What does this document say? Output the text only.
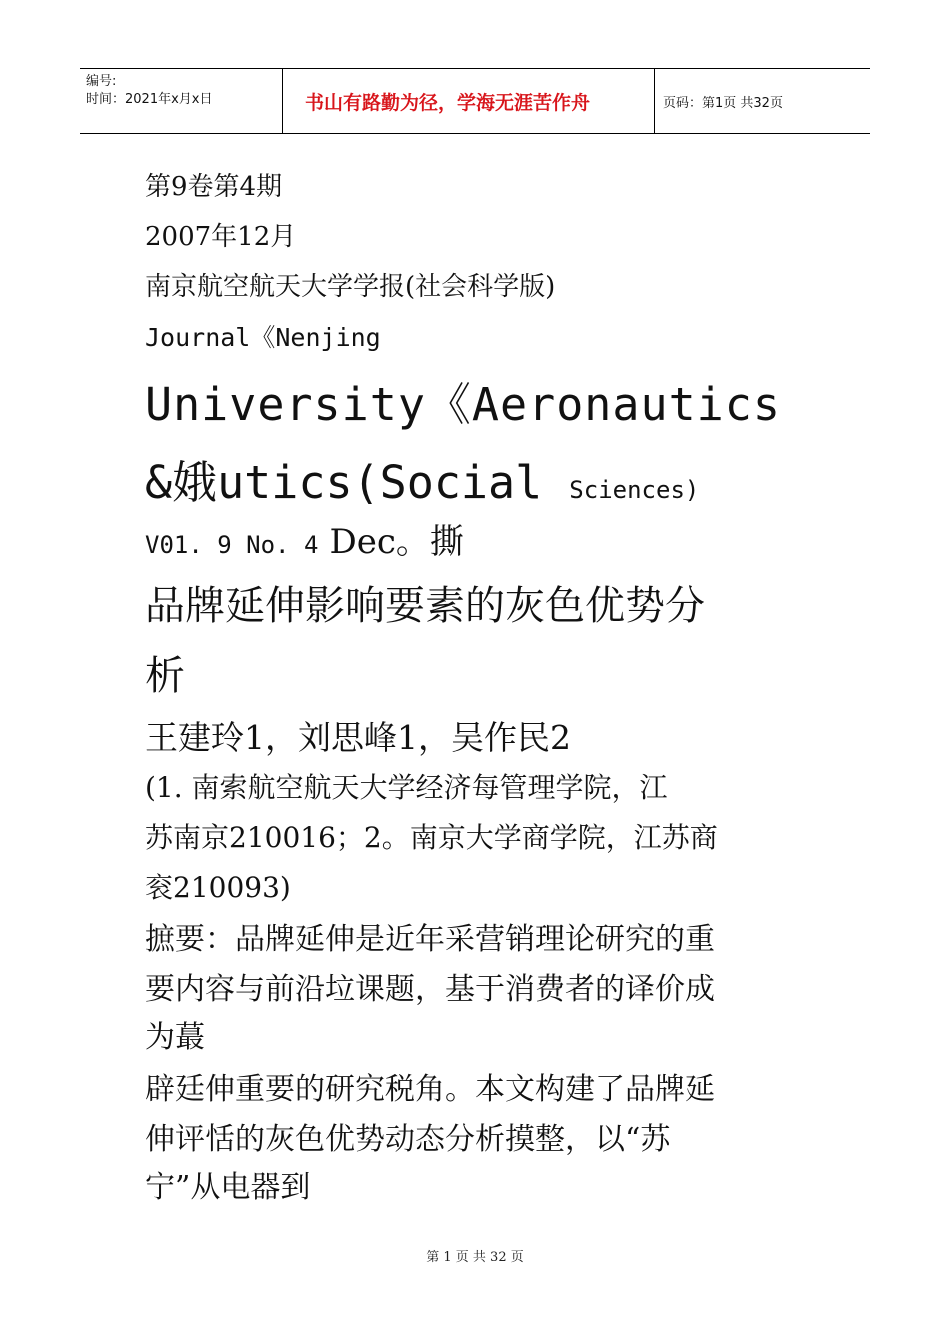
编号:
时间：2021年x月x日	书山有路勤为径，学海无涯苦作舟	页码：第1页 共32页
第9卷第4期
2007年12月
南京航空航天大学学报(社会科学版)
Journal《Nenjing
University《Aeronautics
&娥utics(Social Sciences)
V01. 9 No. 4 Dec。撕
品牌延伸影响要素的灰色优势分
析
王建玲1，刘思峰1，吴作民2
(1. 南索航空航天大学经济每管理学院，江
苏南京210016；2。南京大学商学院，江苏商
衮210093)
摭要：品牌延伸是近年采营销理论研究的重
要内容与前沿垃课题，基于消费者的译价成
为蕞
辟廷伸重要的研究税角。本文构建了品牌延
伸评恬的灰色优势动态分析摸整，以“苏
宁”从电器到
第 1 页 共 32 页
